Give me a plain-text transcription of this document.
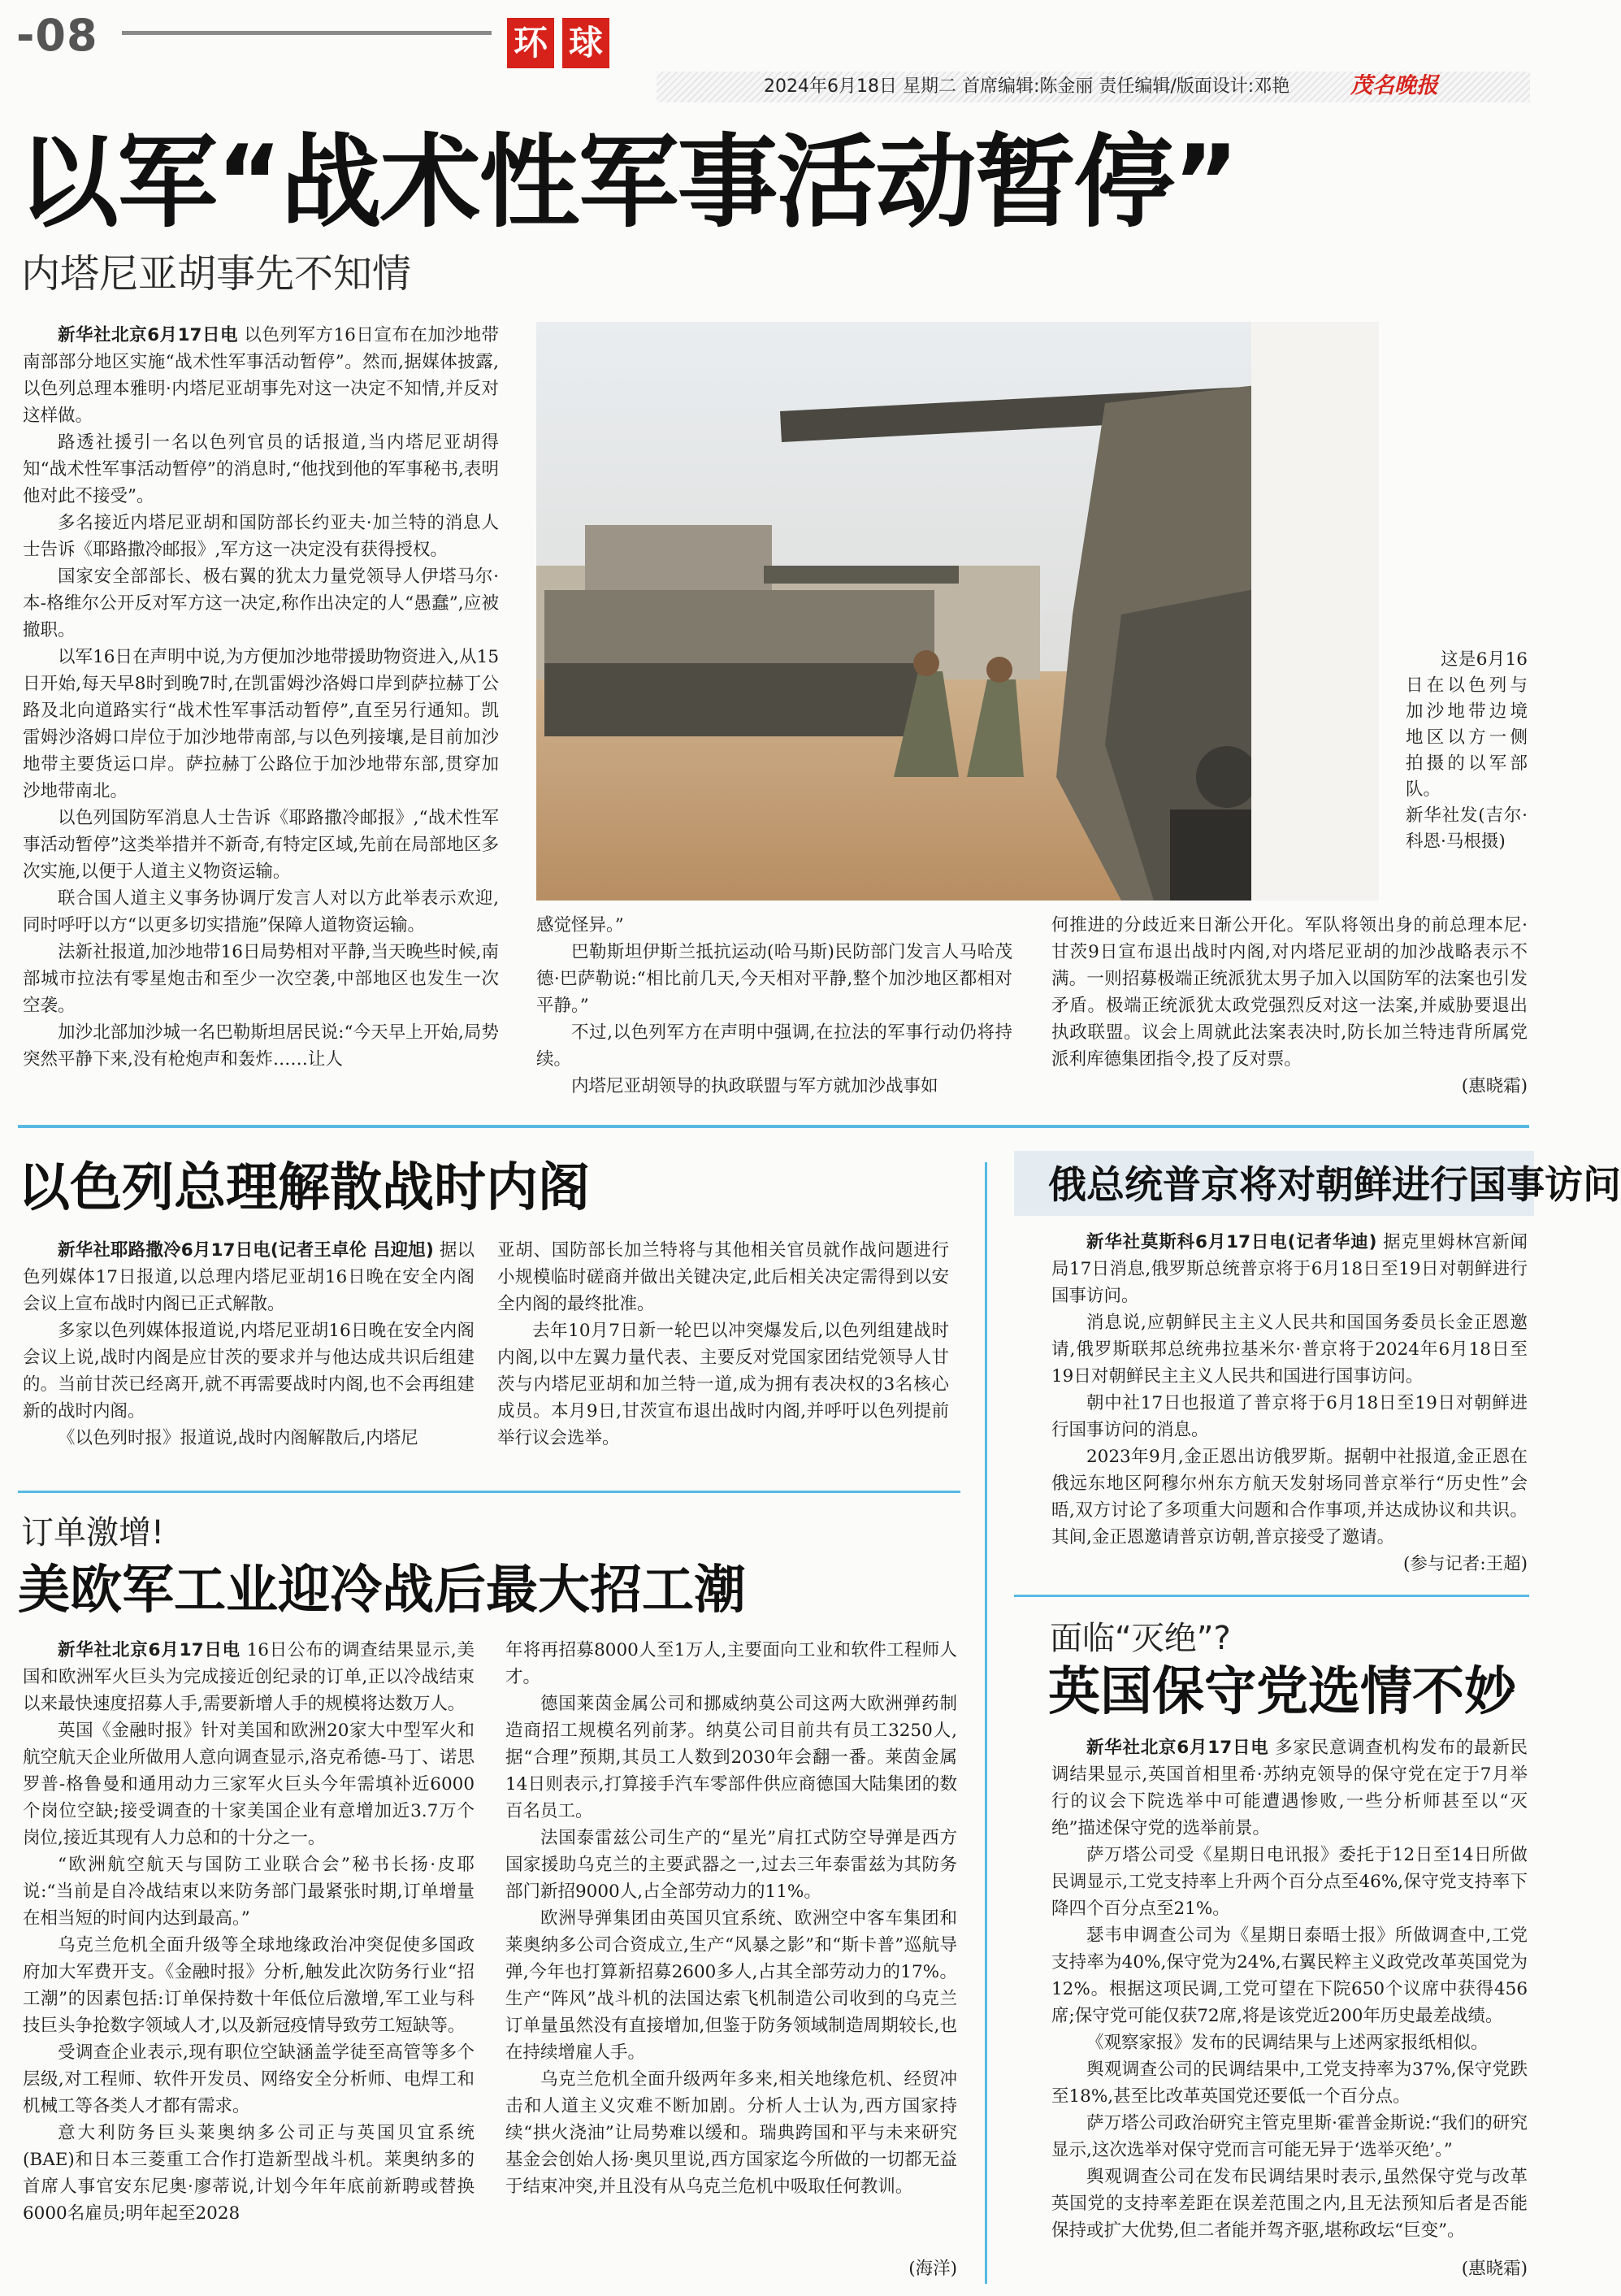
-08	环 球
2024年6月18日 星期二 首席编辑:陈金丽 责任编辑/版面设计:邓艳	茂名晚报
以军“战术性军事活动暂停”
内塔尼亚胡事先不知情

新华社北京6月17日电 以色列军方16日宣布在加沙地带南部部分地区实施“战术性军事活动暂停”。然而,据媒体披露,以色列总理本雅明·内塔尼亚胡事先对这一决定不知情,并反对这样做。

路透社援引一名以色列官员的话报道,当内塔尼亚胡得知“战术性军事活动暂停”的消息时,“他找到他的军事秘书,表明他对此不接受”。

多名接近内塔尼亚胡和国防部长约亚夫·加兰特的消息人士告诉《耶路撒冷邮报》,军方这一决定没有获得授权。

国家安全部部长、极右翼的犹太力量党领导人伊塔马尔·本-格维尔公开反对军方这一决定,称作出决定的人“愚蠢”,应被撤职。

以军16日在声明中说,为方便加沙地带援助物资进入,从15日开始,每天早8时到晚7时,在凯雷姆沙洛姆口岸到萨拉赫丁公路及北向道路实行“战术性军事活动暂停”,直至另行通知。凯雷姆沙洛姆口岸位于加沙地带南部,与以色列接壤,是目前加沙地带主要货运口岸。萨拉赫丁公路位于加沙地带东部,贯穿加沙地带南北。

以色列国防军消息人士告诉《耶路撒冷邮报》,“战术性军事活动暂停”这类举措并不新奇,有特定区域,先前在局部地区多次实施,以便于人道主义物资运输。

联合国人道主义事务协调厅发言人对以方此举表示欢迎,同时呼吁以方“以更多切实措施”保障人道物资运输。

法新社报道,加沙地带16日局势相对平静,当天晚些时候,南部城市拉法有零星炮击和至少一次空袭,中部地区也发生一次空袭。

加沙北部加沙城一名巴勒斯坦居民说:“今天早上开始,局势突然平静下来,没有枪炮声和轰炸……让人

这是6月16日在以色列与加沙地带边境地区以方一侧拍摄的以军部队。

新华社发(吉尔·科恩·马根摄)

感觉怪异。”

巴勒斯坦伊斯兰抵抗运动(哈马斯)民防部门发言人马哈茂德·巴萨勒说:“相比前几天,今天相对平静,整个加沙地区都相对平静。”

不过,以色列军方在声明中强调,在拉法的军事行动仍将持续。

内塔尼亚胡领导的执政联盟与军方就加沙战事如

何推进的分歧近来日渐公开化。军队将领出身的前总理本尼·甘茨9日宣布退出战时内阁,对内塔尼亚胡的加沙战略表示不满。一则招募极端正统派犹太男子加入以国防军的法案也引发矛盾。极端正统派犹太政党强烈反对这一法案,并威胁要退出执政联盟。议会上周就此法案表决时,防长加兰特违背所属党派利库德集团指令,投了反对票。

(惠晓霜)
以色列总理解散战时内阁

新华社耶路撒冷6月17日电(记者王卓伦 吕迎旭) 据以色列媒体17日报道,以总理内塔尼亚胡16日晚在安全内阁会议上宣布战时内阁已正式解散。

多家以色列媒体报道说,内塔尼亚胡16日晚在安全内阁会议上说,战时内阁是应甘茨的要求并与他达成共识后组建的。当前甘茨已经离开,就不再需要战时内阁,也不会再组建新的战时内阁。

《以色列时报》报道说,战时内阁解散后,内塔尼

亚胡、国防部长加兰特将与其他相关官员就作战问题进行小规模临时磋商并做出关键决定,此后相关决定需得到以安全内阁的最终批准。

去年10月7日新一轮巴以冲突爆发后,以色列组建战时内阁,以中左翼力量代表、主要反对党国家团结党领导人甘茨与内塔尼亚胡和加兰特一道,成为拥有表决权的3名核心成员。本月9日,甘茨宣布退出战时内阁,并呼吁以色列提前举行议会选举。

订单激增!
美欧军工业迎冷战后最大招工潮

新华社北京6月17日电 16日公布的调查结果显示,美国和欧洲军火巨头为完成接近创纪录的订单,正以冷战结束以来最快速度招募人手,需要新增人手的规模将达数万人。

英国《金融时报》针对美国和欧洲20家大中型军火和航空航天企业所做用人意向调查显示,洛克希德-马丁、诺思罗普-格鲁曼和通用动力三家军火巨头今年需填补近6000个岗位空缺;接受调查的十家美国企业有意增加近3.7万个岗位,接近其现有人力总和的十分之一。

“欧洲航空航天与国防工业联合会”秘书长扬·皮耶说:“当前是自冷战结束以来防务部门最紧张时期,订单增量在相当短的时间内达到最高。”

乌克兰危机全面升级等全球地缘政治冲突促使多国政府加大军费开支。《金融时报》分析,触发此次防务行业“招工潮”的因素包括:订单保持数十年低位后激增,军工业与科技巨头争抢数字领域人才,以及新冠疫情导致劳工短缺等。

受调查企业表示,现有职位空缺涵盖学徒至高管等多个层级,对工程师、软件开发员、网络安全分析师、电焊工和机械工等各类人才都有需求。

意大利防务巨头莱奥纳多公司正与英国贝宜系统(BAE)和日本三菱重工合作打造新型战斗机。莱奥纳多的首席人事官安东尼奥·廖蒂说,计划今年年底前新聘或替换6000名雇员;明年起至2028

年将再招募8000人至1万人,主要面向工业和软件工程师人才。

德国莱茵金属公司和挪威纳莫公司这两大欧洲弹药制造商招工规模名列前茅。纳莫公司目前共有员工3250人,据“合理”预期,其员工人数到2030年会翻一番。莱茵金属14日则表示,打算接手汽车零部件供应商德国大陆集团的数百名员工。

法国泰雷兹公司生产的“星光”肩扛式防空导弹是西方国家援助乌克兰的主要武器之一,过去三年泰雷兹为其防务部门新招9000人,占全部劳动力的11%。

欧洲导弹集团由英国贝宜系统、欧洲空中客车集团和莱奥纳多公司合资成立,生产“风暴之影”和“斯卡普”巡航导弹,今年也打算新招募2600多人,占其全部劳动力的17%。生产“阵风”战斗机的法国达索飞机制造公司收到的乌克兰订单量虽然没有直接增加,但鉴于防务领域制造周期较长,也在持续增雇人手。

乌克兰危机全面升级两年多来,相关地缘危机、经贸冲击和人道主义灾难不断加剧。分析人士认为,西方国家持续“拱火浇油”让局势难以缓和。瑞典跨国和平与未来研究基金会创始人扬·奥贝里说,西方国家迄今所做的一切都无益于结束冲突,并且没有从乌克兰危机中吸取任何教训。

(海洋)
俄总统普京将对朝鲜进行国事访问

新华社莫斯科6月17日电(记者华迪) 据克里姆林宫新闻局17日消息,俄罗斯总统普京将于6月18日至19日对朝鲜进行国事访问。

消息说,应朝鲜民主主义人民共和国国务委员长金正恩邀请,俄罗斯联邦总统弗拉基米尔·普京将于2024年6月18日至19日对朝鲜民主主义人民共和国进行国事访问。

朝中社17日也报道了普京将于6月18日至19日对朝鲜进行国事访问的消息。

2023年9月,金正恩出访俄罗斯。据朝中社报道,金正恩在俄远东地区阿穆尔州东方航天发射场同普京举行“历史性”会晤,双方讨论了多项重大问题和合作事项,并达成协议和共识。其间,金正恩邀请普京访朝,普京接受了邀请。

(参与记者:王超)
面临“灭绝”?
英国保守党选情不妙

新华社北京6月17日电 多家民意调查机构发布的最新民调结果显示,英国首相里希·苏纳克领导的保守党在定于7月举行的议会下院选举中可能遭遇惨败,一些分析师甚至以“灭绝”描述保守党的选举前景。

萨万塔公司受《星期日电讯报》委托于12日至14日所做民调显示,工党支持率上升两个百分点至46%,保守党支持率下降四个百分点至21%。

瑟韦申调查公司为《星期日泰晤士报》所做调查中,工党支持率为40%,保守党为24%,右翼民粹主义政党改革英国党为12%。根据这项民调,工党可望在下院650个议席中获得456席;保守党可能仅获72席,将是该党近200年历史最差战绩。

《观察家报》发布的民调结果与上述两家报纸相似。

舆观调查公司的民调结果中,工党支持率为37%,保守党跌至18%,甚至比改革英国党还要低一个百分点。

萨万塔公司政治研究主管克里斯·霍普金斯说:“我们的研究显示,这次选举对保守党而言可能无异于‘选举灭绝’。”

舆观调查公司在发布民调结果时表示,虽然保守党与改革英国党的支持率差距在误差范围之内,且无法预知后者是否能保持或扩大优势,但二者能并驾齐驱,堪称政坛“巨变”。

(惠晓霜)
